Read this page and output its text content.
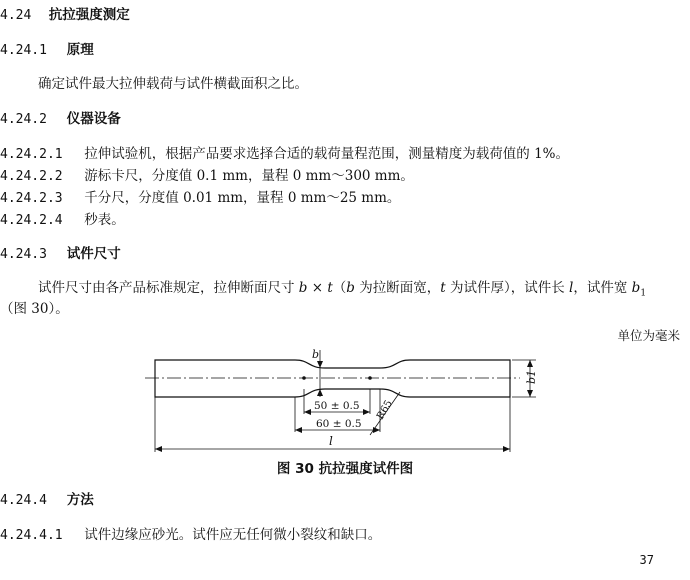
4.24 抗拉强度测定
4.24.1 原理
确定试件最大拉伸载荷与试件横截面积之比。
4.24.2 仪器设备
4.24.2.1 拉伸试验机，根据产品要求选择合适的载荷量程范围，测量精度为载荷值的 1%。
4.24.2.2 游标卡尺，分度值 0.1 mm，量程 0 mm～300 mm。
4.24.2.3 千分尺，分度值 0.01 mm，量程 0 mm～25 mm。
4.24.2.4 秒表。
4.24.3 试件尺寸
试件尺寸由各产品标准规定，拉伸断面尺寸 b × t（b 为拉断面宽，t 为试件厚），试件长 l，试件宽 $b_1$
（图 30）。
单位为毫米
b
b1
R65
50 ± 0.5
60 ± 0.5
l
图 30 抗拉强度试件图
4.24.4 方法
4.24.4.1 试件边缘应砂光。试件应无任何微小裂纹和缺口。
37
